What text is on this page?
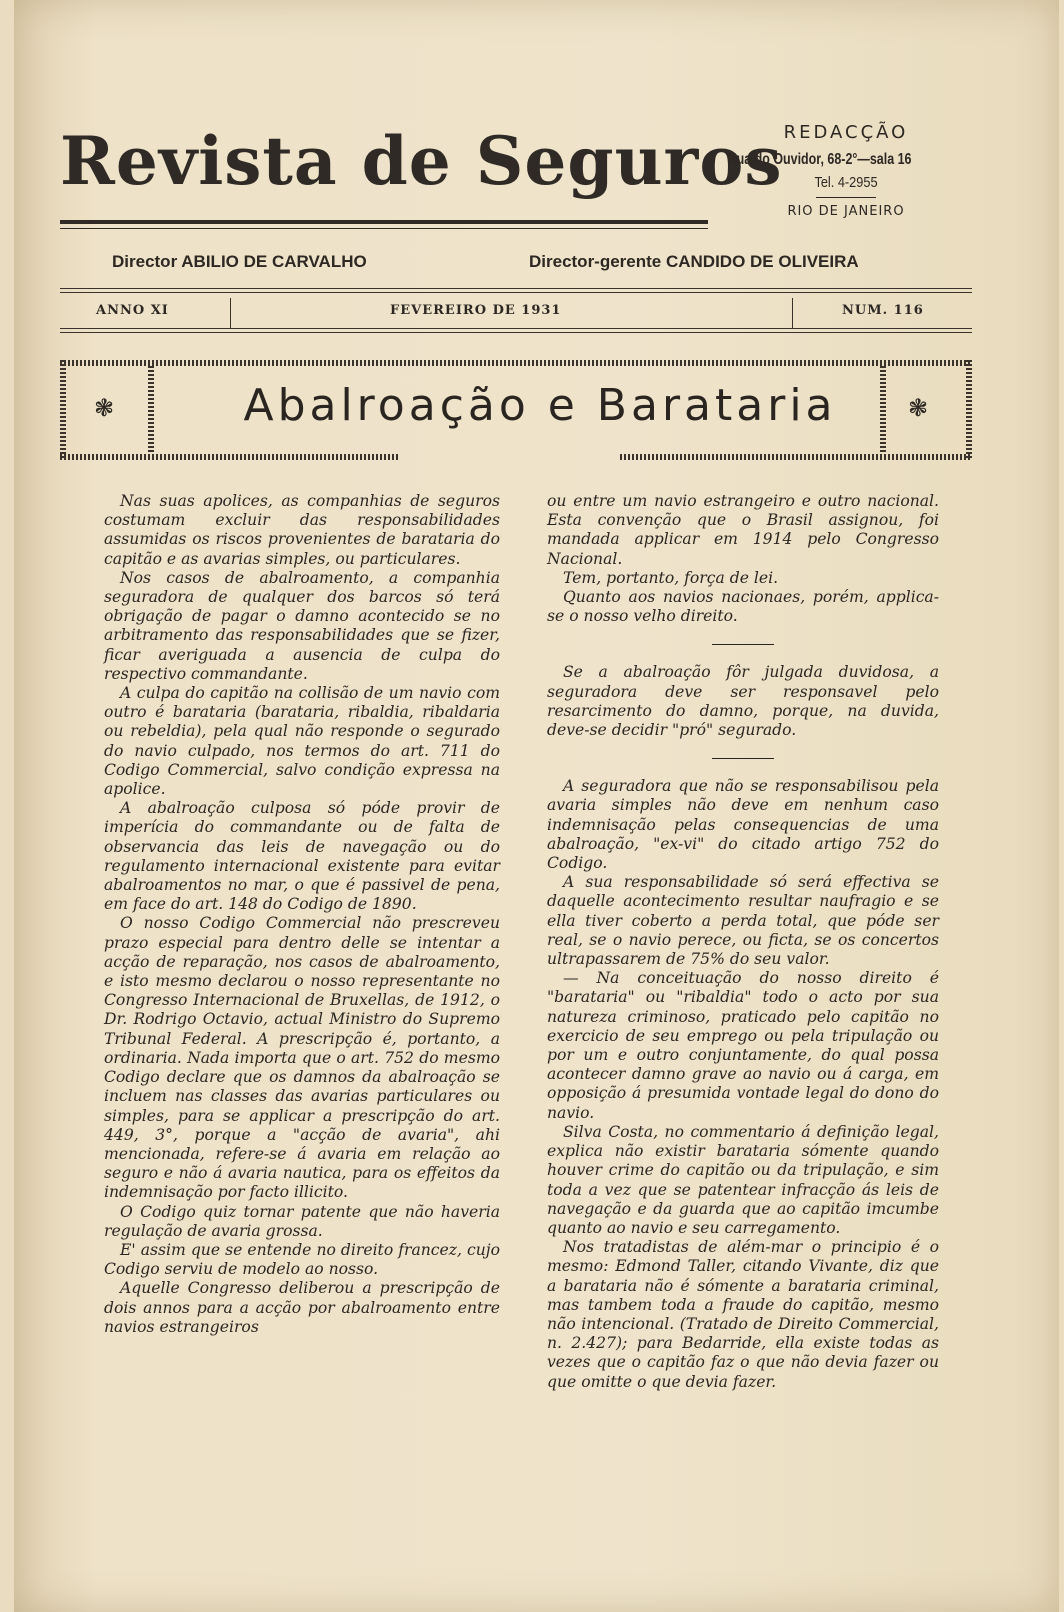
Revista de Seguros REDACÇÃO
Rua do Ouvidor, 68-2°—sala 16
Tel. 4-2955
RIO DE JANEIRO
Director ABILIO DE CARVALHO	Director-gerente CANDIDO DE OLIVEIRA
ANNO XI	FEVEREIRO DE 1931	NUM. 116
❃	❃
Abalroação e Barataria

Nas suas apolices, as companhias de seguros costumam excluir das responsabilidades assumidas os riscos provenientes de barataria do capitão e as avarias simples, ou particulares.

Nos casos de abalroamento, a companhia seguradora de qualquer dos barcos só terá obrigação de pagar o damno acontecido se no arbitramento das responsabilidades que se fizer, ficar averiguada a ausencia de culpa do respectivo commandante.

A culpa do capitão na collisão de um navio com outro é barataria (barataria, ribaldia, ribaldaria ou rebeldia), pela qual não responde o segurado do navio culpado, nos termos do art. 711 do Codigo Commercial, salvo condição expressa na apolice.

A abalroação culposa só póde provir de imperícia do commandante ou de falta de observancia das leis de navegação ou do regulamento internacional existente para evitar abalroamentos no mar, o que é passivel de pena, em face do art. 148 do Codigo de 1890.

O nosso Codigo Commercial não prescreveu prazo especial para dentro delle se intentar a acção de reparação, nos casos de abalroamento, e isto mesmo declarou o nosso representante no Congresso Internacional de Bruxellas, de 1912, o Dr. Rodrigo Octavio, actual Ministro do Supremo Tribunal Federal. A prescripção é, portanto, a ordinaria. Nada importa que o art. 752 do mesmo Codigo declare que os damnos da abalroação se incluem nas classes das avarias particulares ou simples, para se applicar a prescripção do art. 449, 3°, porque a "acção de avaria", ahi mencionada, refere-se á avaria em relação ao seguro e não á avaria nautica, para os effeitos da indemnisação por facto illicito.

O Codigo quiz tornar patente que não haveria regulação de avaria grossa.

E' assim que se entende no direito francez, cujo Codigo serviu de modelo ao nosso.

Aquelle Congresso deliberou a prescripção de dois annos para a acção por abalroamento entre navios estrangeiros

ou entre um navio estrangeiro e outro nacional. Esta convenção que o Brasil assignou, foi mandada applicar em 1914 pelo Congresso Nacional.

Tem, portanto, força de lei.

Quanto aos navios nacionaes, porém, applica-se o nosso velho direito.

Se a abalroação fôr julgada duvidosa, a seguradora deve ser responsavel pelo resarcimento do damno, porque, na duvida, deve-se decidir "pró" segurado.

A seguradora que não se responsabilisou pela avaria simples não deve em nenhum caso indemnisação pelas consequencias de uma abalroação, "ex-vi" do citado artigo 752 do Codigo.

A sua responsabilidade só será effectiva se daquelle acontecimento resultar naufragio e se ella tiver coberto a perda total, que póde ser real, se o navio perece, ou ficta, se os concertos ultrapassarem de 75% do seu valor.

— Na conceituação do nosso direito é "barataria" ou "ribaldia" todo o acto por sua natureza criminoso, praticado pelo capitão no exercicio de seu emprego ou pela tripulação ou por um e outro conjuntamente, do qual possa acontecer damno grave ao navio ou á carga, em opposição á presumida vontade legal do dono do navio.

Silva Costa, no commentario á definição legal, explica não existir barataria sómente quando houver crime do capitão ou da tripulação, e sim toda a vez que se patentear infracção ás leis de navegação e da guarda que ao capitão imcumbe quanto ao navio e seu carregamento.

Nos tratadistas de além-mar o principio é o mesmo: Edmond Taller, citando Vivante, diz que a barataria não é sómente a barataria criminal, mas tambem toda a fraude do capitão, mesmo não intencional. (Tratado de Direito Commercial, n. 2.427); para Bedarride, ella existe todas as vezes que o capitão faz o que não devia fazer ou que omitte o que devia fazer.
